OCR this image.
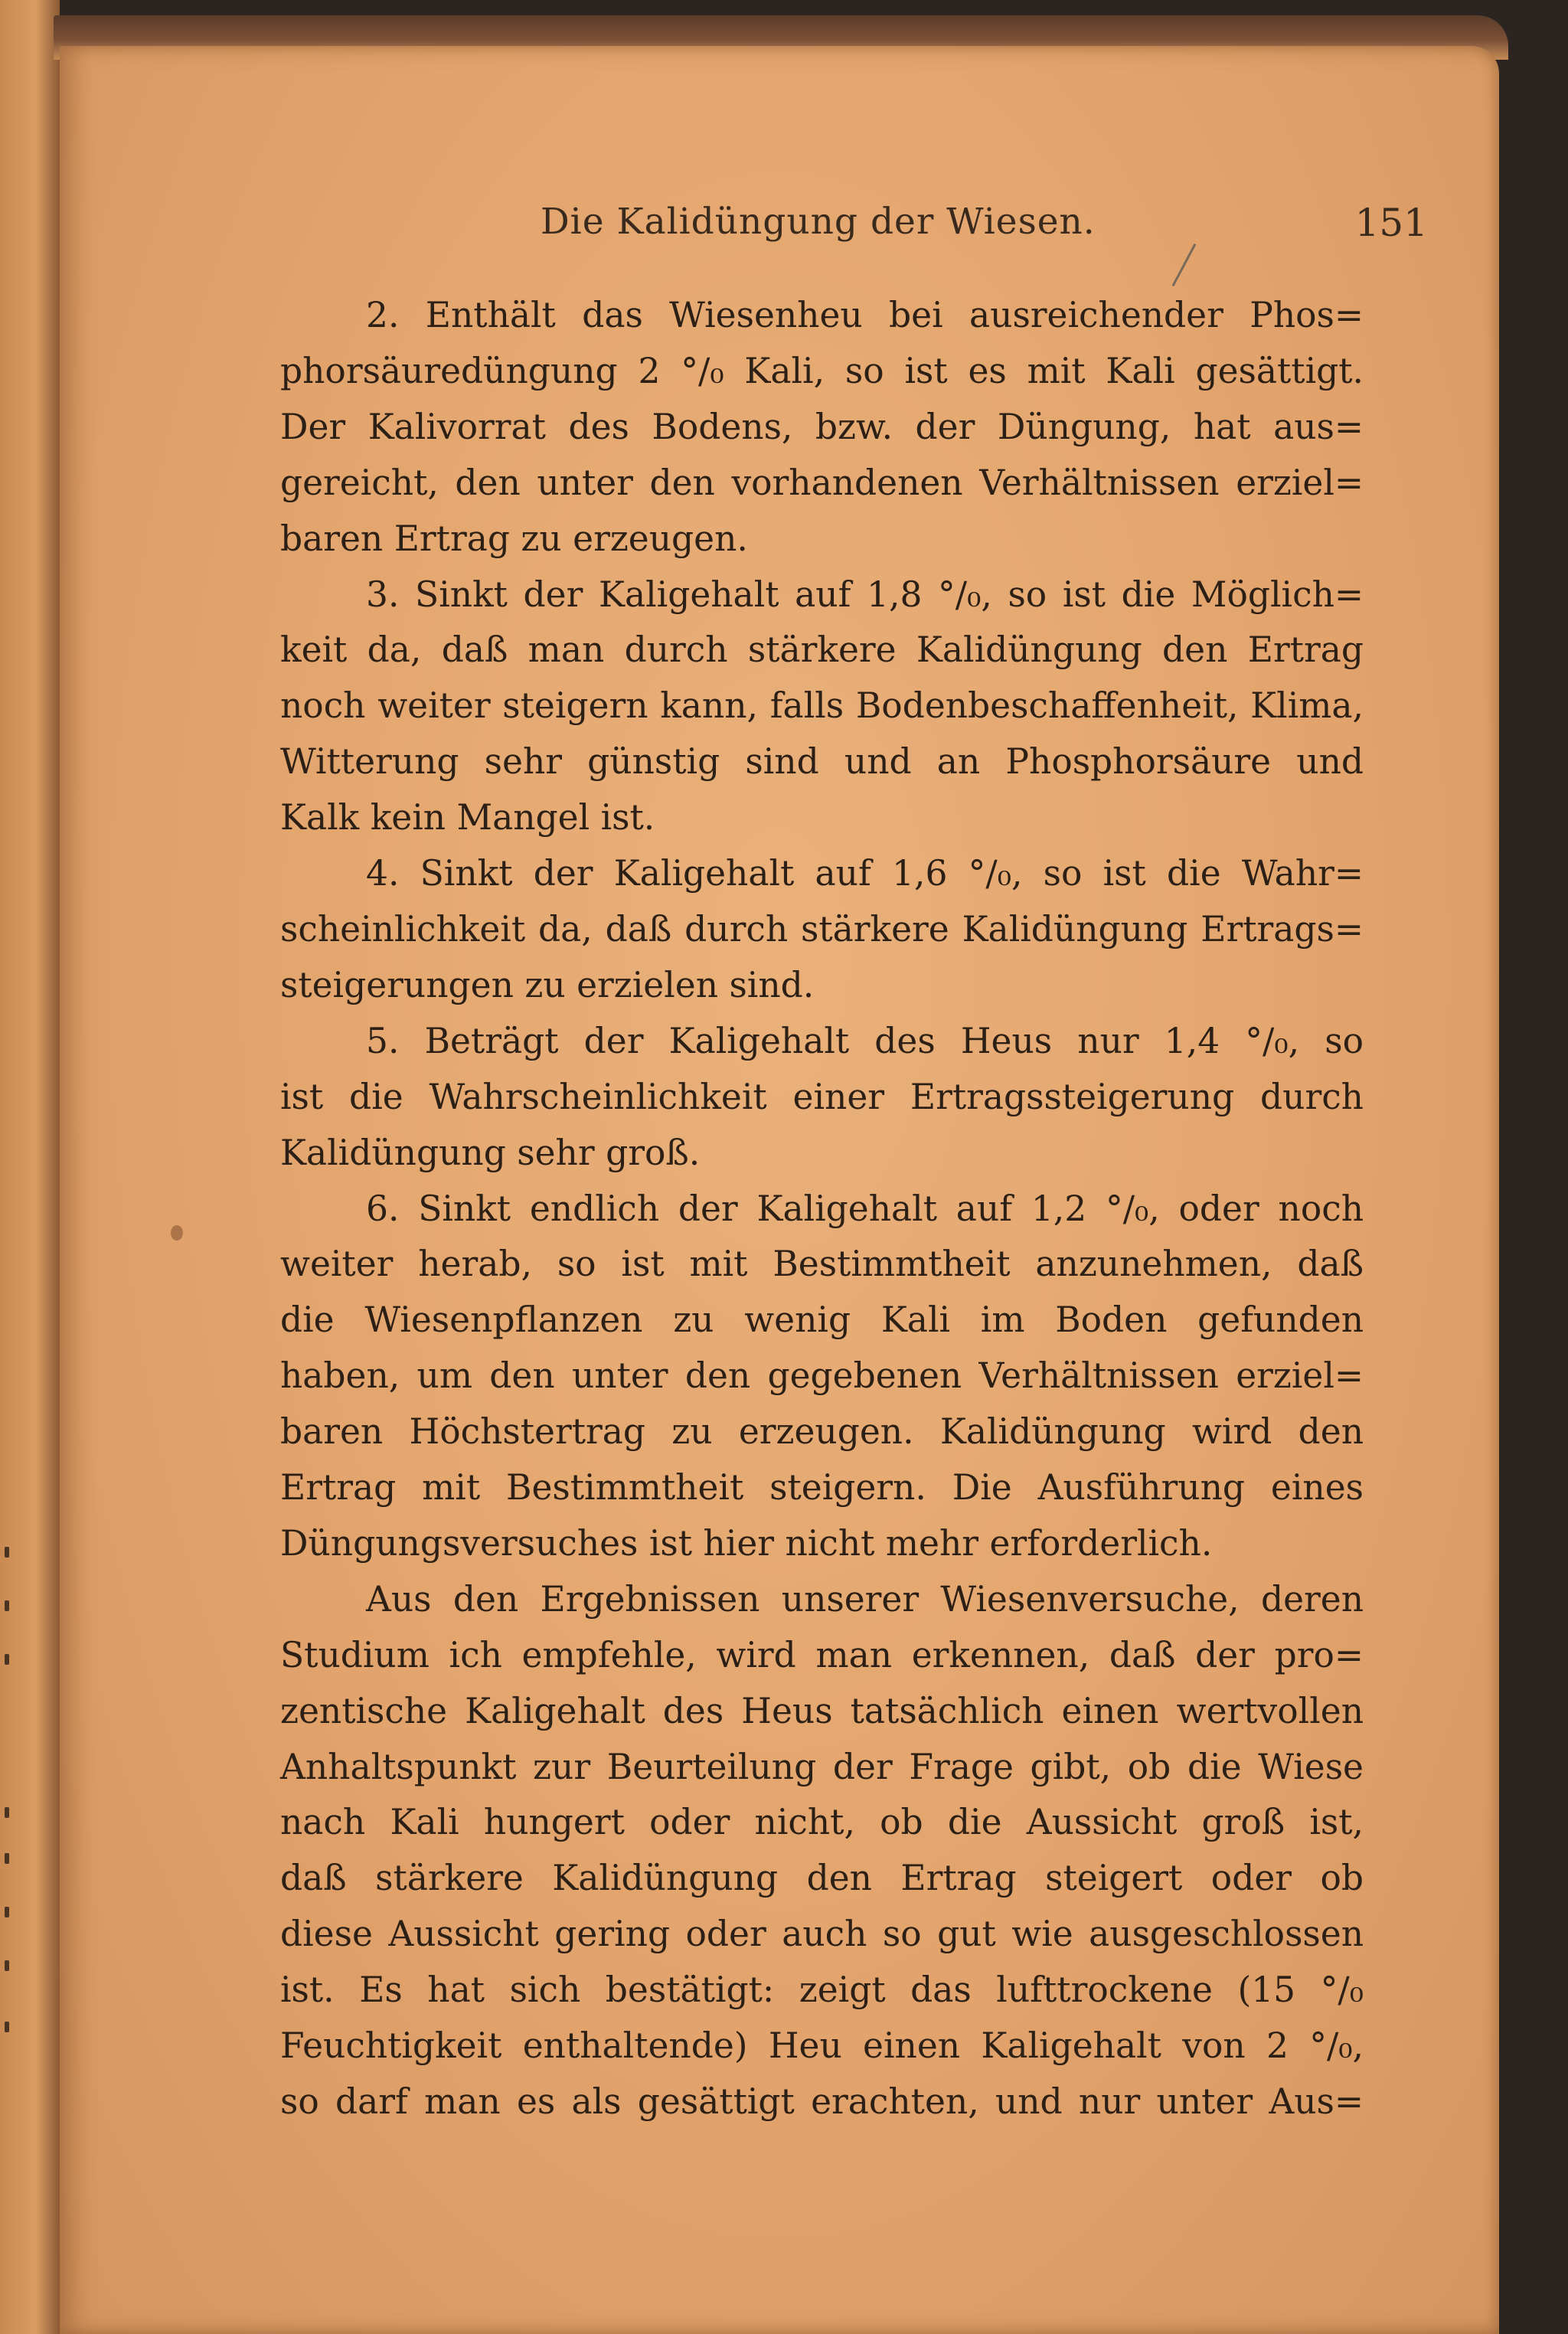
Die Kalidüngung der Wiesen.	151
2. Enthält das Wiesenheu bei ausreichender Phos=
phorsäuredüngung 2 °/₀ Kali, so ist es mit Kali gesättigt.
Der Kalivorrat des Bodens, bzw. der Düngung, hat aus=
gereicht, den unter den vorhandenen Verhältnissen erziel=
baren Ertrag zu erzeugen.
3. Sinkt der Kaligehalt auf 1,8 °/₀, so ist die Möglich=
keit da, daß man durch stärkere Kalidüngung den Ertrag
noch weiter steigern kann, falls Bodenbeschaffenheit, Klima,
Witterung sehr günstig sind und an Phosphorsäure und
Kalk kein Mangel ist.
4. Sinkt der Kaligehalt auf 1,6 °/₀, so ist die Wahr=
scheinlichkeit da, daß durch stärkere Kalidüngung Ertrags=
steigerungen zu erzielen sind.
5. Beträgt der Kaligehalt des Heus nur 1,4 °/₀, so
ist die Wahrscheinlichkeit einer Ertragssteigerung durch
Kalidüngung sehr groß.
6. Sinkt endlich der Kaligehalt auf 1,2 °/₀, oder noch
weiter herab, so ist mit Bestimmtheit anzunehmen, daß
die Wiesenpflanzen zu wenig Kali im Boden gefunden
haben, um den unter den gegebenen Verhältnissen erziel=
baren Höchstertrag zu erzeugen. Kalidüngung wird den
Ertrag mit Bestimmtheit steigern. Die Ausführung eines
Düngungsversuches ist hier nicht mehr erforderlich.
Aus den Ergebnissen unserer Wiesenversuche, deren
Studium ich empfehle, wird man erkennen, daß der pro=
zentische Kaligehalt des Heus tatsächlich einen wertvollen
Anhaltspunkt zur Beurteilung der Frage gibt, ob die Wiese
nach Kali hungert oder nicht, ob die Aussicht groß ist,
daß stärkere Kalidüngung den Ertrag steigert oder ob
diese Aussicht gering oder auch so gut wie ausgeschlossen
ist. Es hat sich bestätigt: zeigt das lufttrockene (15 °/₀
Feuchtigkeit enthaltende) Heu einen Kaligehalt von 2 °/₀,
so darf man es als gesättigt erachten, und nur unter Aus=
